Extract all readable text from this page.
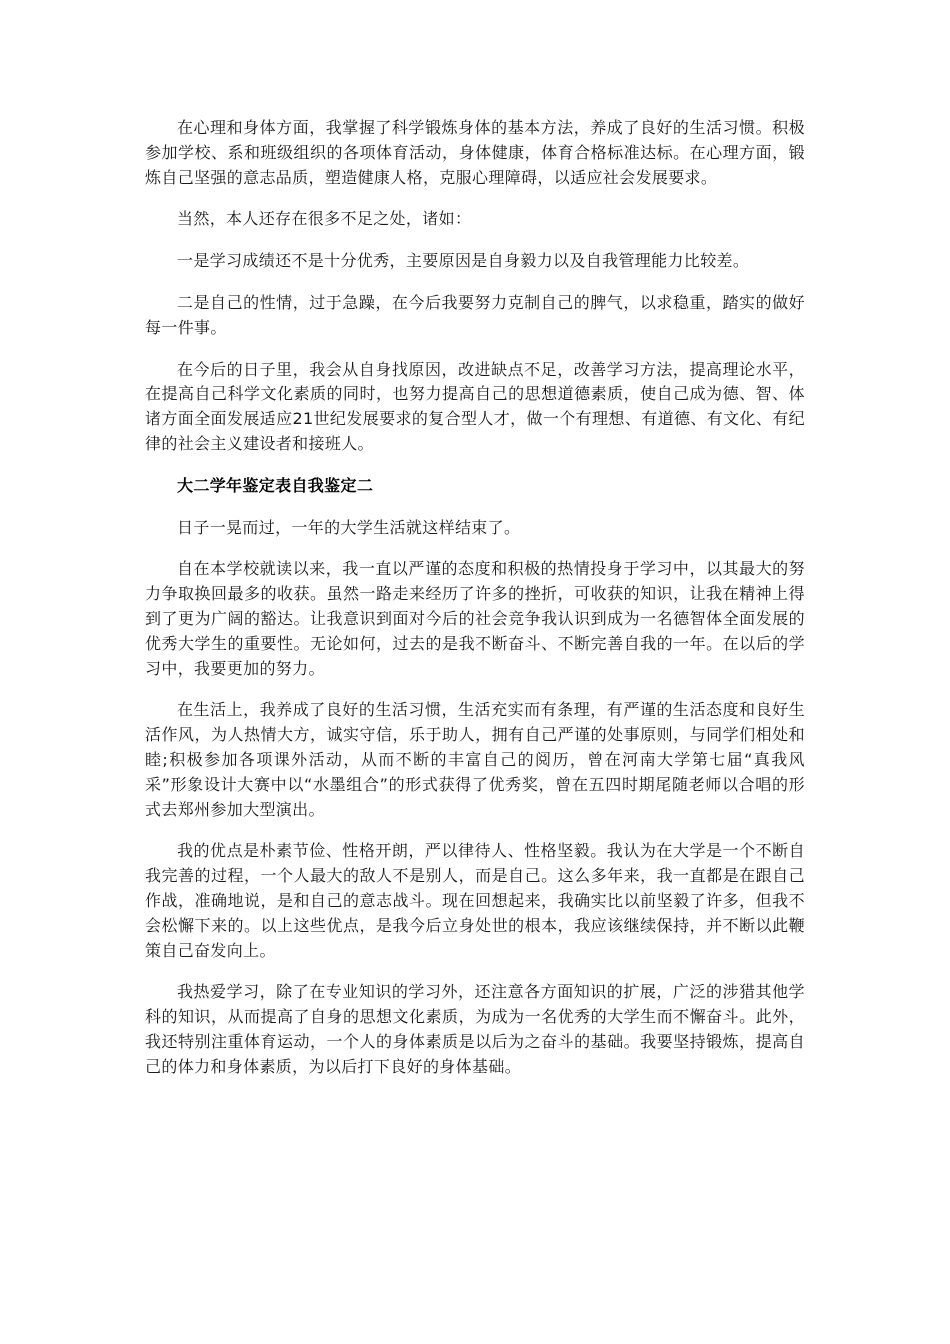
在心理和身体方面，我掌握了科学锻炼身体的基本方法，养成了良好的生活习惯。积极参加学校、系和班级组织的各项体育活动，身体健康，体育合格标准达标。在心理方面，锻炼自己坚强的意志品质，塑造健康人格，克服心理障碍，以适应社会发展要求。

当然，本人还存在很多不足之处，诸如：

一是学习成绩还不是十分优秀，主要原因是自身毅力以及自我管理能力比较差。

二是自己的性情，过于急躁，在今后我要努力克制自己的脾气，以求稳重，踏实的做好每一件事。

在今后的日子里，我会从自身找原因，改进缺点不足，改善学习方法，提高理论水平，在提高自己科学文化素质的同时，也努力提高自己的思想道德素质，使自己成为德、智、体诸方面全面发展适应21世纪发展要求的复合型人才，做一个有理想、有道德、有文化、有纪律的社会主义建设者和接班人。

大二学年鉴定表自我鉴定二

日子一晃而过，一年的大学生活就这样结束了。

自在本学校就读以来，我一直以严谨的态度和积极的热情投身于学习中，以其最大的努力争取换回最多的收获。虽然一路走来经历了许多的挫折，可收获的知识，让我在精神上得到了更为广阔的豁达。让我意识到面对今后的社会竞争我认识到成为一名德智体全面发展的优秀大学生的重要性。无论如何，过去的是我不断奋斗、不断完善自我的一年。在以后的学习中，我要更加的努力。

在生活上，我养成了良好的生活习惯，生活充实而有条理，有严谨的生活态度和良好生活作风，为人热情大方，诚实守信，乐于助人，拥有自己严谨的处事原则，与同学们相处和睦;积极参加各项课外活动，从而不断的丰富自己的阅历，曾在河南大学第七届“真我风采”形象设计大赛中以“水墨组合”的形式获得了优秀奖，曾在五四时期尾随老师以合唱的形式去郑州参加大型演出。

我的优点是朴素节俭、性格开朗，严以律待人、性格坚毅。我认为在大学是一个不断自我完善的过程，一个人最大的敌人不是别人，而是自己。这么多年来，我一直都是在跟自己作战，准确地说，是和自己的意志战斗。现在回想起来，我确实比以前坚毅了许多，但我不会松懈下来的。以上这些优点，是我今后立身处世的根本，我应该继续保持，并不断以此鞭策自己奋发向上。

我热爱学习，除了在专业知识的学习外，还注意各方面知识的扩展，广泛的涉猎其他学科的知识，从而提高了自身的思想文化素质，为成为一名优秀的大学生而不懈奋斗。此外，我还特别注重体育运动，一个人的身体素质是以后为之奋斗的基础。我要坚持锻炼，提高自己的体力和身体素质，为以后打下良好的身体基础。
